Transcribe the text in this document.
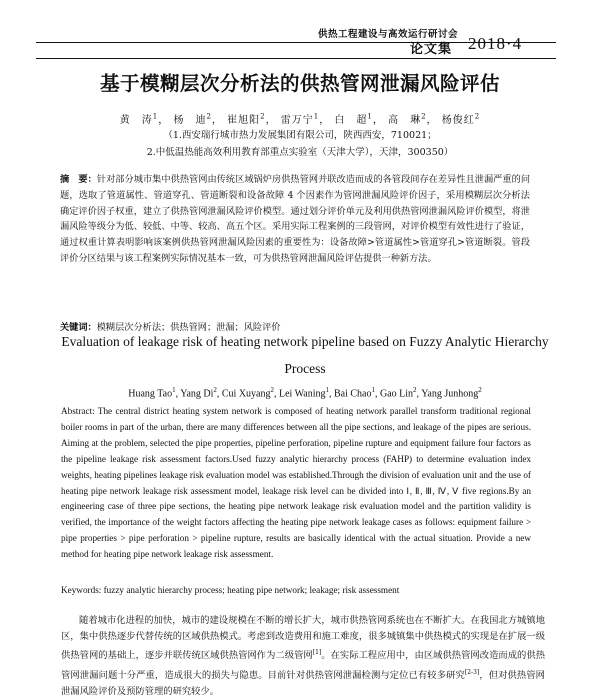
供热工程建设与高效运行研讨会
论文集 2018·4
基于模糊层次分析法的供热管网泄漏风险评估
黄　涛$^1$， 杨　迪$^2$， 崔旭阳$^2$， 雷万宁$^1$， 白　超$^1$， 高　琳$^2$， 杨俊红$^2$
（1.西安瑞行城市热力发展集团有限公司，陕西西安，710021；
2.中低温热能高效利用教育部重点实验室（天津大学），天津，300350）
摘　要：针对部分城市集中供热管网由传统区域锅炉房供热管网并联改造而成的各管段间存在差异性且泄漏严重的问题，选取了管道属性、管道穿孔、管道断裂和设备故障 4 个因素作为管网泄漏风险评价因子，采用模糊层次分析法确定评价因子权重，建立了供热管网泄漏风险评价模型。通过划分评价单元及利用供热管网泄漏风险评价模型，将泄漏风险等级分为低、较低、中等、较高、高五个区。采用实际工程案例的三段管网，对评价模型有效性进行了验证，通过权重计算表明影响该案例供热管网泄漏风险因素的重要性为：设备故障>管道属性>管道穿孔>管道断裂。管段评价分区结果与该工程案例实际情况基本一致，可为供热管网泄漏风险评估提供一种新方法。
关键词：模糊层次分析法；供热管网；泄漏；风险评价
Evaluation of leakage risk of heating network pipeline based on Fuzzy Analytic Hierarchy Process
Huang Tao$^1$, Yang Di$^2$, Cui Xuyang$^2$, Lei Waning$^1$, Bai Chao$^1$, Gao Lin$^2$, Yang Junhong$^2$
Abstract: The central district heating system network is composed of heating network parallel transform traditional regional boiler rooms in part of the urban, there are many differences between all the pipe sections, and leakage of the pipes are serious. Aiming at the problem, selected the pipe properties, pipeline perforation, pipeline rupture and equipment failure four factors as the pipeline leakage risk assessment factors.Used fuzzy analytic hierarchy process (FAHP) to determine evaluation index weights, heating pipelines leakage risk evaluation model was established.Through the division of evaluation unit and the use of heating pipe network leakage risk assessment model, leakage risk level can be divided into Ⅰ, Ⅱ, Ⅲ, Ⅳ, Ⅴ five regions.By an engineering case of three pipe sections, the heating pipe network leakage risk evaluation model and the partition validity is verified, the importance of the weight factors affecting the heating pipe network leakage cases as follows: equipment failure > pipe properties > pipe perforation > pipeline rupture, results are basically identical with the actual situation. Provide a new method for heating pipe network leakage risk assessment.
Keywords: fuzzy analytic hierarchy process; heating pipe network; leakage; risk assessment
随着城市化进程的加快，城市的建设规模在不断的增长扩大，城市供热管网系统也在不断扩大。在我国北方城镇地区，集中供热逐步代替传统的区域供热模式。考虑到改造费用和施工难度，很多城镇集中供热模式的实现是在扩展一级供热管网的基础上，逐步并联传统区域供热管网作为二级管网[1]。在实际工程应用中，由区域供热管网改造而成的供热管网泄漏问题十分严重，造成很大的损失与隐患。目前针对供热管网泄漏检测与定位已有较多研究[2-3]，但对供热管网泄漏风险评价及预防管理的研究较少。
